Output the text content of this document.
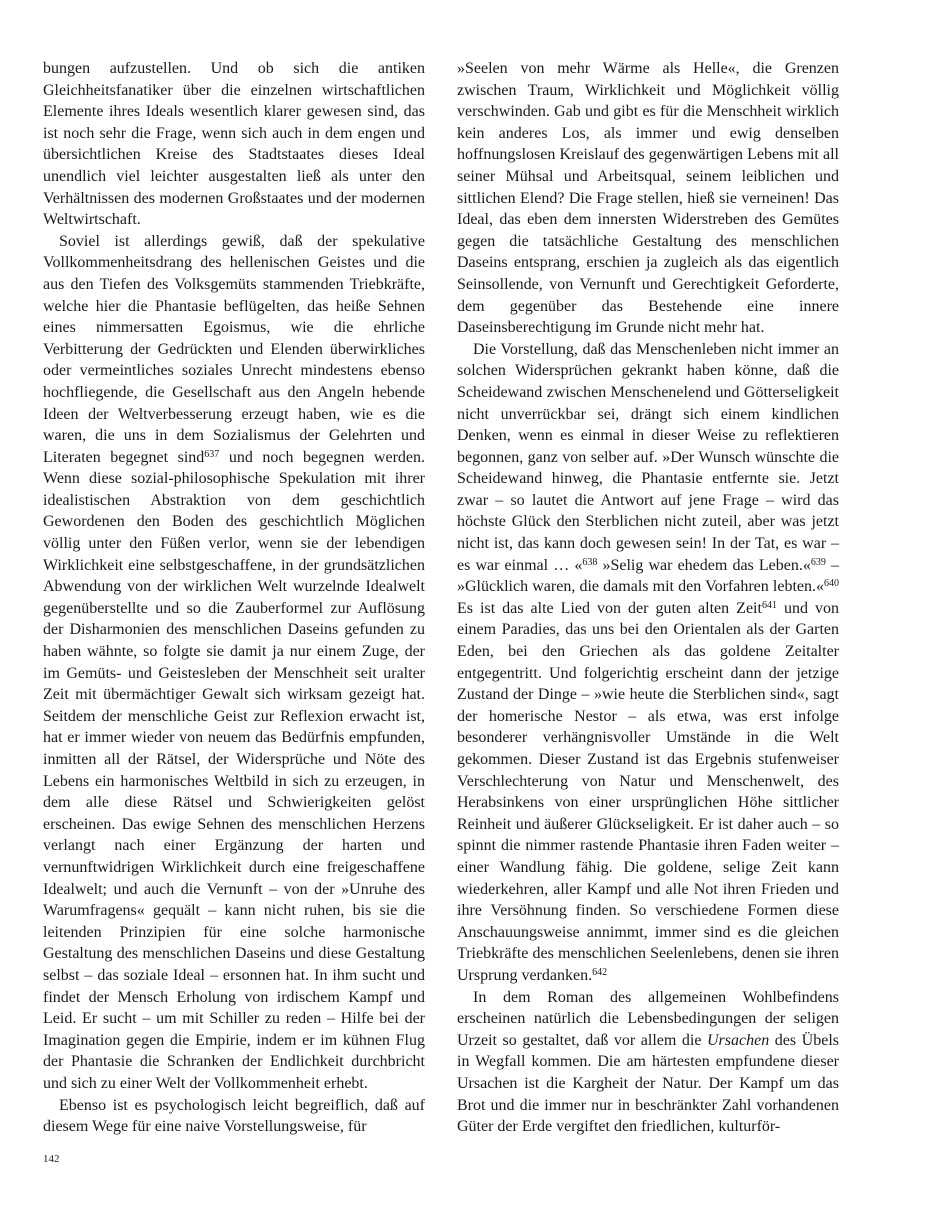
bungen aufzustellen. Und ob sich die antiken Gleichheitsfanatiker über die einzelnen wirtschaftlichen Elemente ihres Ideals wesentlich klarer gewesen sind, das ist noch sehr die Frage, wenn sich auch in dem engen und übersichtlichen Kreise des Stadtstaates dieses Ideal unendlich viel leichter ausgestalten ließ als unter den Verhältnissen des modernen Großstaates und der modernen Weltwirtschaft.

Soviel ist allerdings gewiß, daß der spekulative Vollkommenheitsdrang des hellenischen Geistes und die aus den Tiefen des Volksgemüts stammenden Triebkräfte, welche hier die Phantasie beflügelten, das heiße Sehnen eines nimmersatten Egoismus, wie die ehrliche Verbitterung der Gedrückten und Elenden überwirkliches oder vermeintliches soziales Unrecht mindestens ebenso hochfliegende, die Gesellschaft aus den Angeln hebende Ideen der Weltverbesserung erzeugt haben, wie es die waren, die uns in dem Sozialismus der Gelehrten und Literaten begegnet sind$^{637}$ und noch begegnen werden. Wenn diese sozial-philosophische Spekulation mit ihrer idealistischen Abstraktion von dem geschichtlich Gewordenen den Boden des geschichtlich Möglichen völlig unter den Füßen verlor, wenn sie der lebendigen Wirklichkeit eine selbstgeschaffene, in der grundsätzlichen Abwendung von der wirklichen Welt wurzelnde Idealwelt gegenüberstellte und so die Zauberformel zur Auflösung der Disharmonien des menschlichen Daseins gefunden zu haben wähnte, so folgte sie damit ja nur einem Zuge, der im Gemüts- und Geistesleben der Menschheit seit uralter Zeit mit übermächtiger Gewalt sich wirksam gezeigt hat. Seitdem der menschliche Geist zur Reflexion erwacht ist, hat er immer wieder von neuem das Bedürfnis empfunden, inmitten all der Rätsel, der Widersprüche und Nöte des Lebens ein harmonisches Weltbild in sich zu erzeugen, in dem alle diese Rätsel und Schwierigkeiten gelöst erscheinen. Das ewige Sehnen des menschlichen Herzens verlangt nach einer Ergänzung der harten und vernunftwidrigen Wirklichkeit durch eine freigeschaffene Idealwelt; und auch die Vernunft – von der »Unruhe des Warumfragens« gequält – kann nicht ruhen, bis sie die leitenden Prinzipien für eine solche harmonische Gestaltung des menschlichen Daseins und diese Gestaltung selbst – das soziale Ideal – ersonnen hat. In ihm sucht und findet der Mensch Erholung von irdischem Kampf und Leid. Er sucht – um mit Schiller zu reden – Hilfe bei der Imagination gegen die Empirie, indem er im kühnen Flug der Phantasie die Schranken der Endlichkeit durchbricht und sich zu einer Welt der Vollkommenheit erhebt.

Ebenso ist es psychologisch leicht begreiflich, daß auf diesem Wege für eine naive Vorstellungsweise, für

»Seelen von mehr Wärme als Helle«, die Grenzen zwischen Traum, Wirklichkeit und Möglichkeit völlig verschwinden. Gab und gibt es für die Menschheit wirklich kein anderes Los, als immer und ewig denselben hoffnungslosen Kreislauf des gegenwärtigen Lebens mit all seiner Mühsal und Arbeitsqual, seinem leiblichen und sittlichen Elend? Die Frage stellen, hieß sie verneinen! Das Ideal, das eben dem innersten Widerstreben des Gemütes gegen die tatsächliche Gestaltung des menschlichen Daseins entsprang, erschien ja zugleich als das eigentlich Seinsollende, von Vernunft und Gerechtigkeit Geforderte, dem gegenüber das Bestehende eine innere Daseinsberechtigung im Grunde nicht mehr hat.

Die Vorstellung, daß das Menschenleben nicht immer an solchen Widersprüchen gekrankt haben könne, daß die Scheidewand zwischen Menschenelend und Götterseligkeit nicht unverrückbar sei, drängt sich einem kindlichen Denken, wenn es einmal in dieser Weise zu reflektieren begonnen, ganz von selber auf. »Der Wunsch wünschte die Scheidewand hinweg, die Phantasie entfernte sie. Jetzt zwar – so lautet die Antwort auf jene Frage – wird das höchste Glück den Sterblichen nicht zuteil, aber was jetzt nicht ist, das kann doch gewesen sein! In der Tat, es war – es war einmal … «$^{638}$ »Selig war ehedem das Leben.«$^{639}$ – »Glücklich waren, die damals mit den Vorfahren lebten.«$^{640}$ Es ist das alte Lied von der guten alten Zeit$^{641}$ und von einem Paradies, das uns bei den Orientalen als der Garten Eden, bei den Griechen als das goldene Zeitalter entgegentritt. Und folgerichtig erscheint dann der jetzige Zustand der Dinge – »wie heute die Sterblichen sind«, sagt der homerische Nestor – als etwa, was erst infolge besonderer verhängnisvoller Umstände in die Welt gekommen. Dieser Zustand ist das Ergebnis stufenweiser Verschlechterung von Natur und Menschenwelt, des Herabsinkens von einer ursprünglichen Höhe sittlicher Reinheit und äußerer Glückseligkeit. Er ist daher auch – so spinnt die nimmer rastende Phantasie ihren Faden weiter – einer Wandlung fähig. Die goldene, selige Zeit kann wiederkehren, aller Kampf und alle Not ihren Frieden und ihre Versöhnung finden. So verschiedene Formen diese Anschauungsweise annimmt, immer sind es die gleichen Triebkräfte des menschlichen Seelenlebens, denen sie ihren Ursprung verdanken.$^{642}$

In dem Roman des allgemeinen Wohlbefindens erscheinen natürlich die Lebensbedingungen der seligen Urzeit so gestaltet, daß vor allem die Ursachen des Übels in Wegfall kommen. Die am härtesten empfundene dieser Ursachen ist die Kargheit der Natur. Der Kampf um das Brot und die immer nur in beschränkter Zahl vorhandenen Güter der Erde vergiftet den friedlichen, kulturför-

142
